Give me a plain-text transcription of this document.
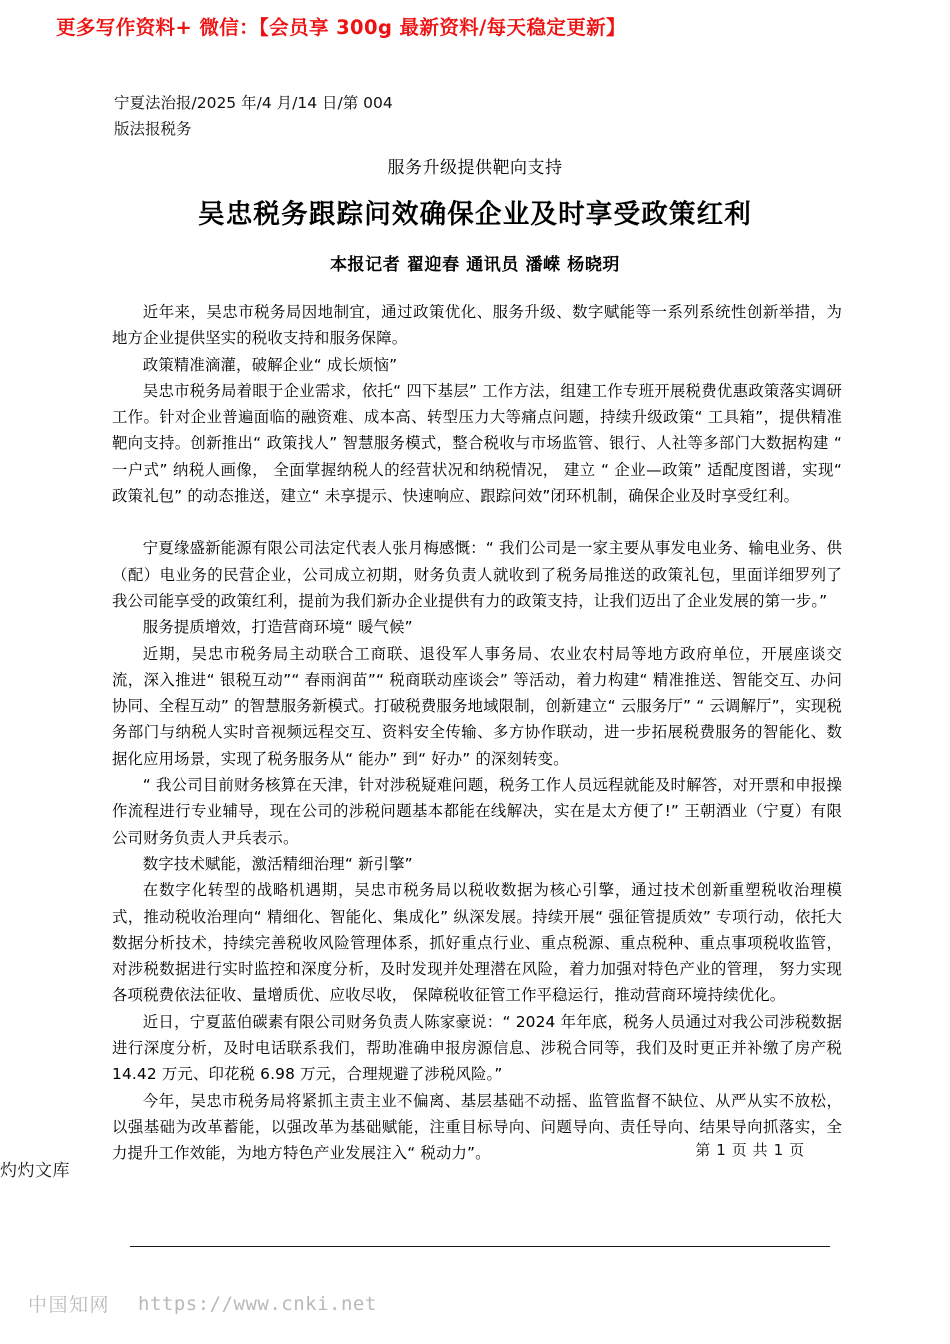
更多写作资料+ 微信：【会员享 300g 最新资料/每天稳定更新】
宁夏法治报/2025 年/4 月/14 日/第 004
版法报税务
服务升级提供靶向支持
吴忠税务跟踪问效确保企业及时享受政策红利
本报记者 翟迎春 通讯员 潘嵘 杨晓玥

近年来，吴忠市税务局因地制宜，通过政策优化、服务升级、数字赋能等一系列系统性创新举措，为地方企业提供坚实的税收支持和服务保障。

政策精准滴灌，破解企业“ 成长烦恼”

吴忠市税务局着眼于企业需求，依托“ 四下基层” 工作方法，组建工作专班开展税费优惠政策落实调研工作。针对企业普遍面临的融资难、成本高、转型压力大等痛点问题，持续升级政策“ 工具箱”，提供精准靶向支持。创新推出“ 政策找人” 智慧服务模式，整合税收与市场监管、银行、人社等多部门大数据构建 “ 一户式” 纳税人画像， 全面掌握纳税人的经营状况和纳税情况， 建立 “ 企业—政策” 适配度图谱，实现“ 政策礼包” 的动态推送，建立“ 未享提示、快速响应、跟踪问效”闭环机制，确保企业及时享受红利。

宁夏缘盛新能源有限公司法定代表人张月梅感慨：“ 我们公司是一家主要从事发电业务、输电业务、供（配）电业务的民营企业，公司成立初期，财务负责人就收到了税务局推送的政策礼包，里面详细罗列了我公司能享受的政策红利，提前为我们新办企业提供有力的政策支持，让我们迈出了企业发展的第一步。”

服务提质增效，打造营商环境“ 暖气候”

近期，吴忠市税务局主动联合工商联、退役军人事务局、农业农村局等地方政府单位，开展座谈交流，深入推进“ 银税互动”“ 春雨润苗”“ 税商联动座谈会” 等活动，着力构建“ 精准推送、智能交互、办问协同、全程互动” 的智慧服务新模式。打破税费服务地域限制，创新建立“ 云服务厅” “ 云调解厅”，实现税务部门与纳税人实时音视频远程交互、资料安全传输、多方协作联动，进一步拓展税费服务的智能化、数据化应用场景，实现了税务服务从“ 能办” 到“ 好办” 的深刻转变。

“ 我公司目前财务核算在天津，针对涉税疑难问题，税务工作人员远程就能及时解答，对开票和申报操作流程进行专业辅导，现在公司的涉税问题基本都能在线解决，实在是太方便了!” 王朝酒业（宁夏）有限公司财务负责人尹兵表示。

数字技术赋能，激活精细治理“ 新引擎”

在数字化转型的战略机遇期，吴忠市税务局以税收数据为核心引擎，通过技术创新重塑税收治理模式，推动税收治理向“ 精细化、智能化、集成化” 纵深发展。持续开展“ 强征管提质效” 专项行动，依托大数据分析技术，持续完善税收风险管理体系，抓好重点行业、重点税源、重点税种、重点事项税收监管，对涉税数据进行实时监控和深度分析，及时发现并处理潜在风险，着力加强对特色产业的管理， 努力实现各项税费依法征收、量增质优、应收尽收， 保障税收征管工作平稳运行，推动营商环境持续优化。

近日，宁夏蓝伯碳素有限公司财务负责人陈家豪说：“ 2024 年年底，税务人员通过对我公司涉税数据进行深度分析，及时电话联系我们，帮助准确申报房源信息、涉税合同等，我们及时更正并补缴了房产税 14.42 万元、印花税 6.98 万元，合理规避了涉税风险。”

今年，吴忠市税务局将紧抓主责主业不偏离、基层基础不动摇、监管监督不缺位、从严从实不放松，以强基础为改革蓄能，以强改革为基础赋能，注重目标导向、问题导向、责任导向、结果导向抓落实，全力提升工作效能，为地方特色产业发展注入“ 税动力”。	第 1 页 共 1 页
灼灼文库
中国知网 https://www.cnki.net
